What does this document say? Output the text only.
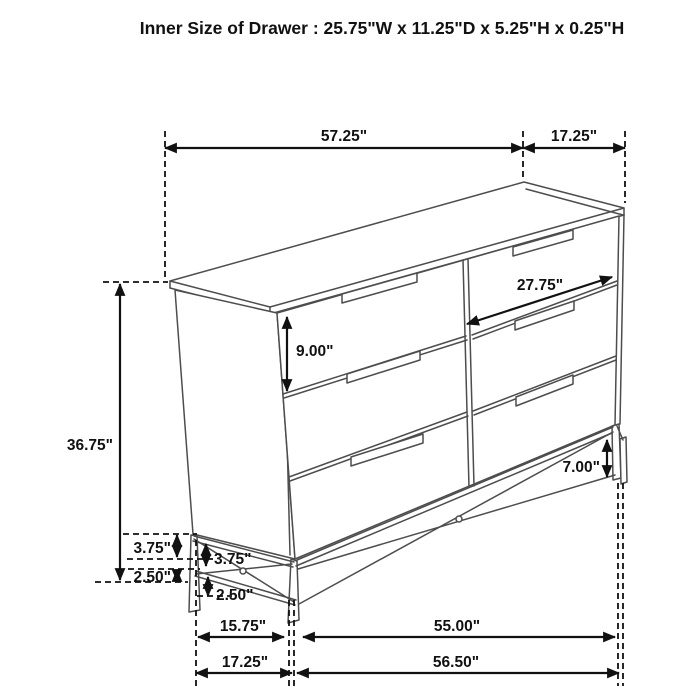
Inner Size of Drawer : 25.75"W x 11.25"D x 5.25"H x 0.25"H
57.25"	17.25"
27.75"
9.00"
36.75"
3.75"
3.75"
2.50"
2.50"
7.00"
15.75"	55.00"
17.25"	56.50"
